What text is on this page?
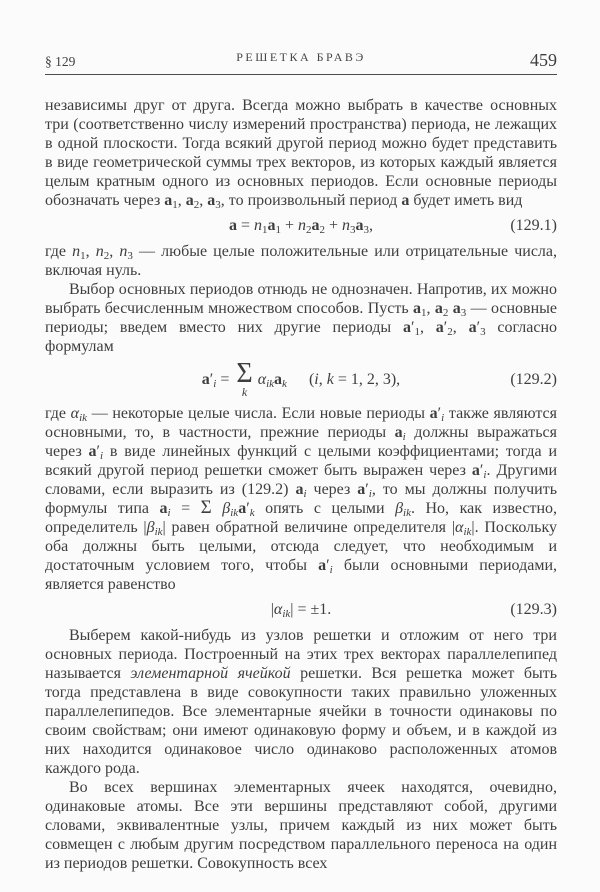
§ 129	РЕШЕТКА БРАВЭ	459

независимы друг от друга. Всегда можно выбрать в качестве основных три (соответственно числу измерений пространства) периода, не лежащих в одной плоскости. Тогда всякий другой период можно будет представить в виде геометрической суммы трех векторов, из которых каждый является целым кратным одного из основных периодов. Если основные периоды обозначать через $a_1$, $a_2$, $a_3$, то произвольный период a будет иметь вид

$a = n_1a_1 + n_2a_2 + n_3a_3$,	(129.1)

где $n_1$, $n_2$, $n_3$ — любые целые положительные или отрицательные числа, включая нуль.

Выбор основных периодов отнюдь не однозначен. Напротив, их можно выбрать бесчисленным множеством способов. Пусть $a_1$, $a_2$ $a_3$ — основные периоды; введем вместо них другие периоды $a'_1$, $a'_2$, $a'_3$ согласно формулам

$a'_i = \Sigma$
k
$\alpha_{ik}a_k$ (i, k = 1, 2, 3),	(129.2)

где $\alpha_{ik}$ — некоторые целые числа. Если новые периоды $a'_i$ также являются основными, то, в частности, прежние периоды $a_i$ должны выражаться через $a'_i$ в виде линейных функций с целыми коэффициентами; тогда и всякий другой период решетки сможет быть выражен через $a'_i$. Другими словами, если выразить из (129.2) $a_i$ через $a'_i$, то мы должны получить формулы типа $a_i = \Sigma$ $\beta_{ik}a'_k$ опять с целыми $\beta_{ik}$. Но, как известно, определитель $|\beta_{ik}|$ равен обратной величине определителя $|\alpha_{ik}|$. Поскольку оба должны быть целыми, отсюда следует, что необходимым и достаточным условием того, чтобы $a'_i$ были основными периодами, является равенство

$|\alpha_{ik}| = \pm 1$.	(129.3)

Выберем какой-нибудь из узлов решетки и отложим от него три основных периода. Построенный на этих трех векторах параллелепипед называется элементарной ячейкой решетки. Вся решетка может быть тогда представлена в виде совокупности таких правильно уложенных параллелепипедов. Все элементарные ячейки в точности одинаковы по своим свойствам; они имеют одинаковую форму и объем, и в каждой из них находится одинаковое число одинаково расположенных атомов каждого рода.

Во всех вершинах элементарных ячеек находятся, очевидно, одинаковые атомы. Все эти вершины представляют собой, другими словами, эквивалентные узлы, причем каждый из них может быть совмещен с любым другим посредством параллельного переноса на один из периодов решетки. Совокупность всех
